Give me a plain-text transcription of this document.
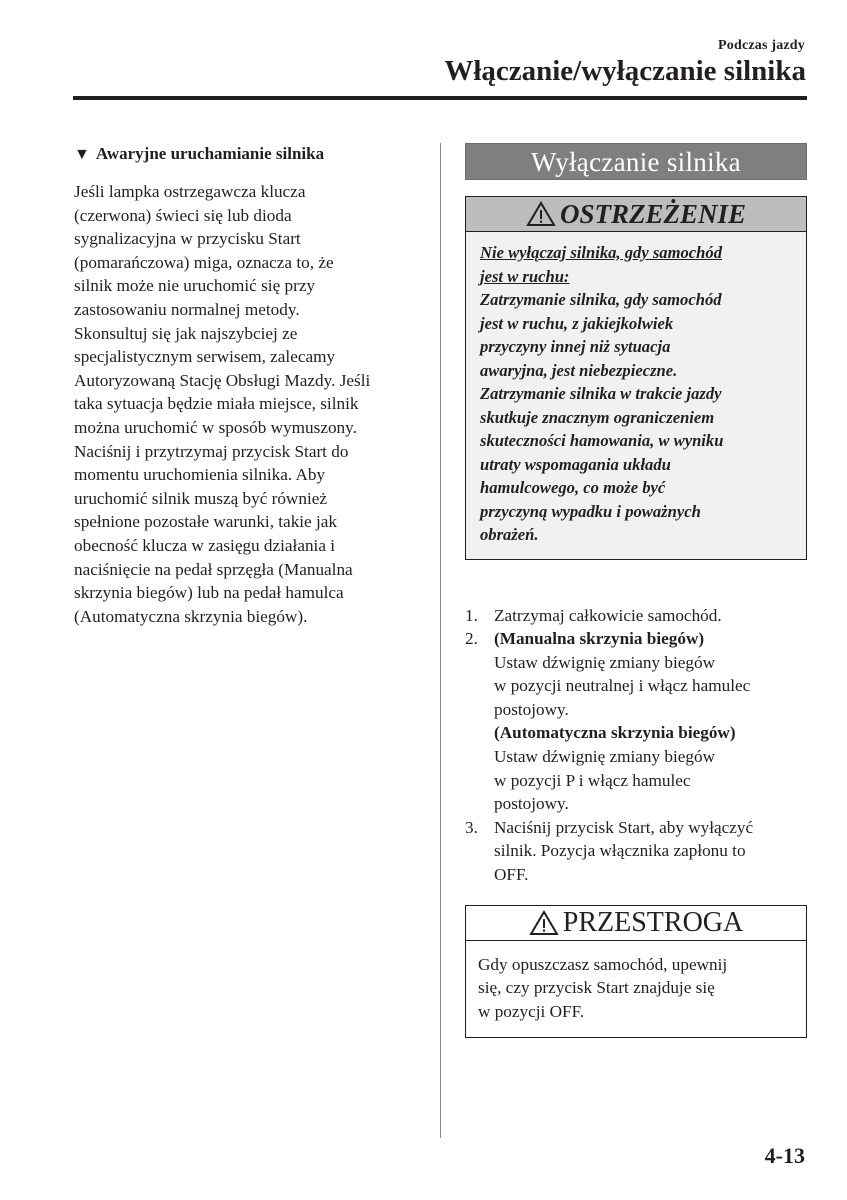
Podczas jazdy
Włączanie/wyłączanie silnika
▼ Awaryjne uruchamianie silnika
Jeśli lampka ostrzegawcza klucza
(czerwona) świeci się lub dioda
sygnalizacyjna w przycisku Start
(pomarańczowa) miga, oznacza to, że
silnik może nie uruchomić się przy
zastosowaniu normalnej metody.
Skonsultuj się jak najszybciej ze
specjalistycznym serwisem, zalecamy
Autoryzowaną Stację Obsługi Mazdy. Jeśli
taka sytuacja będzie miała miejsce, silnik
można uruchomić w sposób wymuszony.
Naciśnij i przytrzymaj przycisk Start do
momentu uruchomienia silnika. Aby
uruchomić silnik muszą być również
spełnione pozostałe warunki, takie jak
obecność klucza w zasięgu działania i
naciśnięcie na pedał sprzęgła (Manualna
skrzynia biegów) lub na pedał hamulca
(Automatyczna skrzynia biegów).
Wyłączanie silnika
OSTRZEŻENIE
Nie wyłączaj silnika, gdy samochód
jest w ruchu:
Zatrzymanie silnika, gdy samochód
jest w ruchu, z jakiejkolwiek
przyczyny innej niż sytuacja
awaryjna, jest niebezpieczne.
Zatrzymanie silnika w trakcie jazdy
skutkuje znacznym ograniczeniem
skuteczności hamowania, w wyniku
utraty wspomagania układu
hamulcowego, co może być
przyczyną wypadku i poważnych
obrażeń.
1. Zatrzymaj całkowicie samochód.
2. (Manualna skrzynia biegów)
Ustaw dźwignię zmiany biegów
w pozycji neutralnej i włącz hamulec
postojowy.
(Automatyczna skrzynia biegów)
Ustaw dźwignię zmiany biegów
w pozycji P i włącz hamulec
postojowy.
3. Naciśnij przycisk Start, aby wyłączyć
silnik. Pozycja włącznika zapłonu to
OFF.
PRZESTROGA
Gdy opuszczasz samochód, upewnij
się, czy przycisk Start znajduje się
w pozycji OFF.
4-13
